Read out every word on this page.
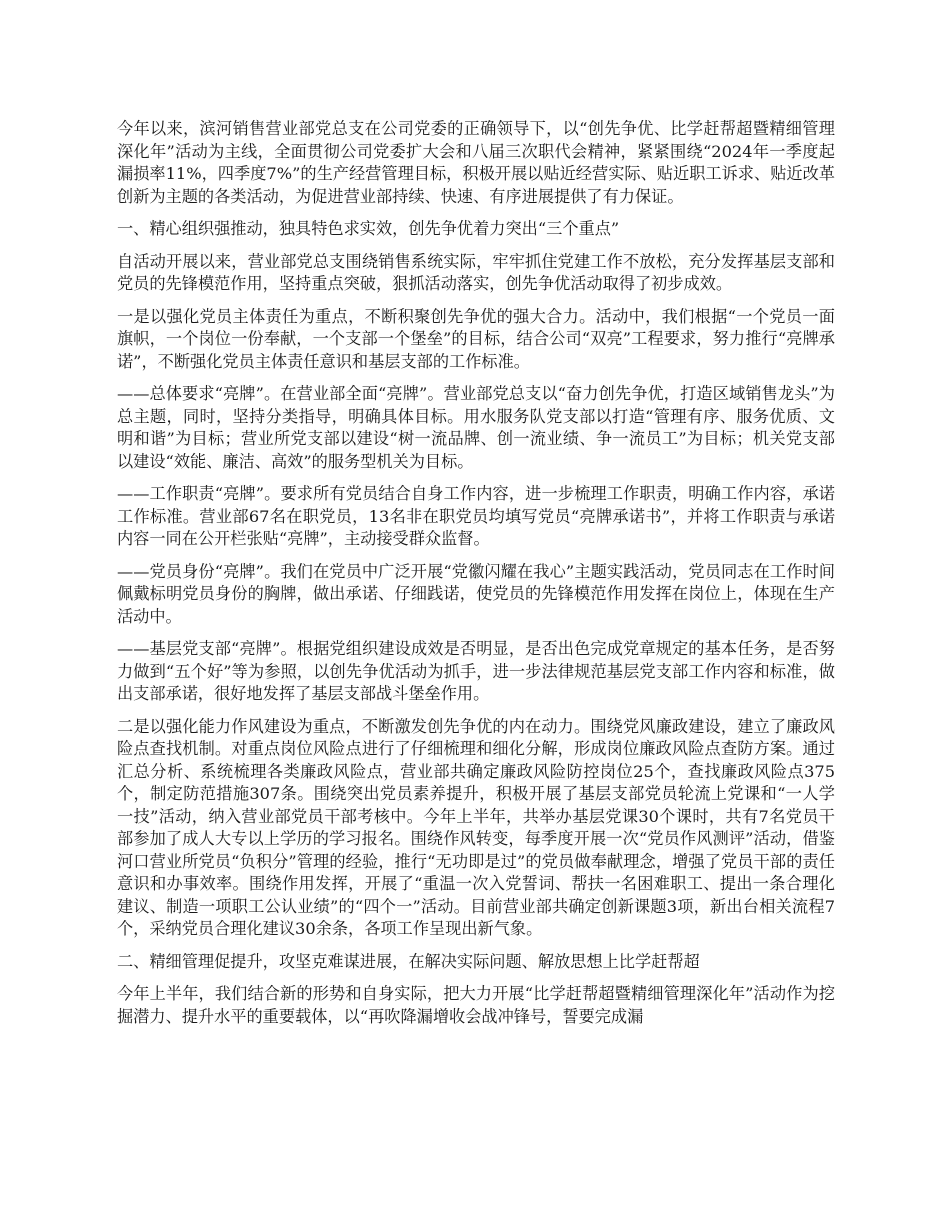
今年以来，滨河销售营业部党总支在公司党委的正确领导下，以“创先争优、比学赶帮超暨精细管理深化年”活动为主线，全面贯彻公司党委扩大会和八届三次职代会精神，紧紧围绕“2024年一季度起漏损率11%，四季度7%”的生产经营管理目标，积极开展以贴近经营实际、贴近职工诉求、贴近改革创新为主题的各类活动，为促进营业部持续、快速、有序进展提供了有力保证。

一、精心组织强推动，独具特色求实效，创先争优着力突出“三个重点”

自活动开展以来，营业部党总支围绕销售系统实际，牢牢抓住党建工作不放松，充分发挥基层支部和党员的先锋模范作用，坚持重点突破，狠抓活动落实，创先争优活动取得了初步成效。

一是以强化党员主体责任为重点，不断积聚创先争优的强大合力。活动中，我们根据“一个党员一面旗帜，一个岗位一份奉献，一个支部一个堡垒”的目标，结合公司“双亮”工程要求，努力推行“亮牌承诺”，不断强化党员主体责任意识和基层支部的工作标准。

——总体要求“亮牌”。在营业部全面“亮牌”。营业部党总支以“奋力创先争优，打造区域销售龙头”为总主题，同时，坚持分类指导，明确具体目标。用水服务队党支部以打造“管理有序、服务优质、文明和谐”为目标；营业所党支部以建设“树一流品牌、创一流业绩、争一流员工”为目标；机关党支部以建设“效能、廉洁、高效”的服务型机关为目标。

——工作职责“亮牌”。要求所有党员结合自身工作内容，进一步梳理工作职责，明确工作内容，承诺工作标准。营业部67名在职党员，13名非在职党员均填写党员“亮牌承诺书”，并将工作职责与承诺内容一同在公开栏张贴“亮牌”，主动接受群众监督。

——党员身份“亮牌”。我们在党员中广泛开展“党徽闪耀在我心”主题实践活动，党员同志在工作时间佩戴标明党员身份的胸牌，做出承诺、仔细践诺，使党员的先锋模范作用发挥在岗位上，体现在生产活动中。

——基层党支部“亮牌”。根据党组织建设成效是否明显，是否出色完成党章规定的基本任务，是否努力做到“五个好”等为参照，以创先争优活动为抓手，进一步法律规范基层党支部工作内容和标准，做出支部承诺，很好地发挥了基层支部战斗堡垒作用。

二是以强化能力作风建设为重点，不断激发创先争优的内在动力。围绕党风廉政建设，建立了廉政风险点查找机制。对重点岗位风险点进行了仔细梳理和细化分解，形成岗位廉政风险点查防方案。通过汇总分析、系统梳理各类廉政风险点，营业部共确定廉政风险防控岗位25个，查找廉政风险点375个，制定防范措施307条。围绕突出党员素养提升，积极开展了基层支部党员轮流上党课和“一人学一技”活动，纳入营业部党员干部考核中。今年上半年，共举办基层党课30个课时，共有7名党员干部参加了成人大专以上学历的学习报名。围绕作风转变，每季度开展一次“党员作风测评”活动，借鉴河口营业所党员“负积分”管理的经验，推行“无功即是过”的党员做奉献理念，增强了党员干部的责任意识和办事效率。围绕作用发挥，开展了“重温一次入党誓词、帮扶一名困难职工、提出一条合理化建议、制造一项职工公认业绩”的“四个一”活动。目前营业部共确定创新课题3项，新出台相关流程7个，采纳党员合理化建议30余条，各项工作呈现出新气象。

二、精细管理促提升，攻坚克难谋进展，在解决实际问题、解放思想上比学赶帮超

今年上半年，我们结合新的形势和自身实际，把大力开展“比学赶帮超暨精细管理深化年”活动作为挖掘潜力、提升水平的重要载体，以“再吹降漏增收会战冲锋号，誓要完成漏
